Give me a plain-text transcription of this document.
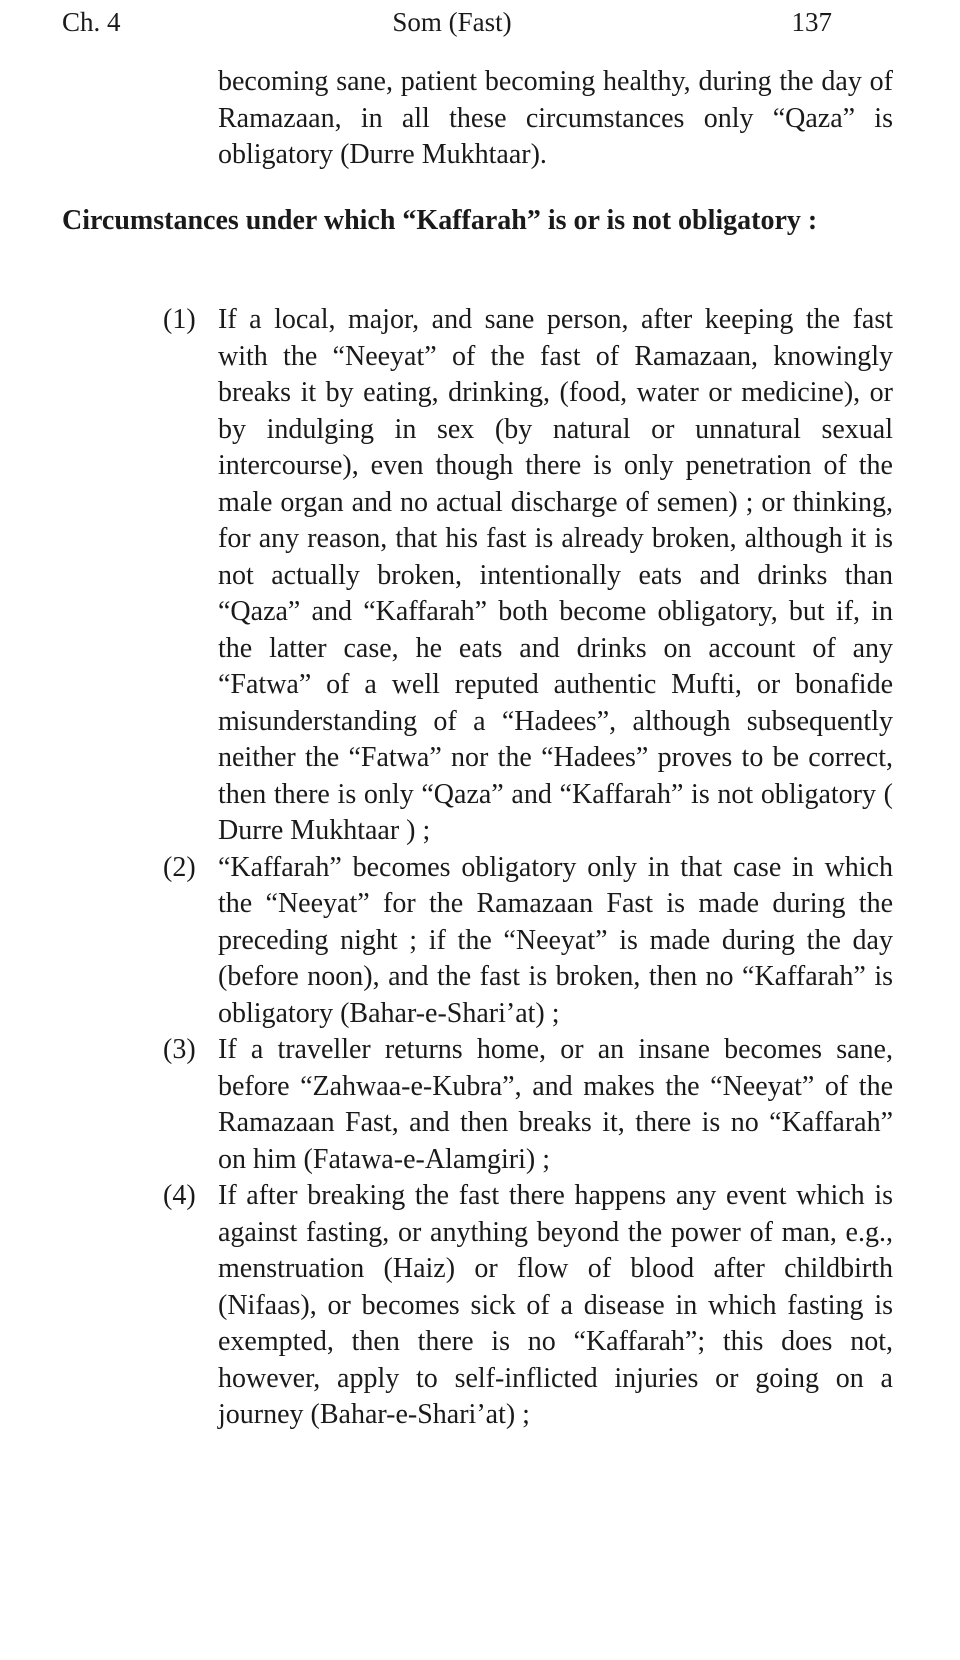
Ch. 4	Som (Fast)	137

becoming sane, patient becoming healthy, during the day of Ramazaan, in all these circumstances only “Qaza” is obligatory (Durre Mukhtaar).

Circumstances under which “Kaffarah” is or is not obligatory :
(1) If a local, major, and sane person, after keeping the fast with the “Neeyat” of the fast of Ramazaan, knowingly breaks it by eating, drinking, (food, water or medicine), or by indulging in sex (by natural or unnatural sexual intercourse), even though there is only penetration of the male organ and no actual discharge of semen) ; or thinking, for any reason, that his fast is already broken, although it is not actually broken, intentionally eats and drinks than “Qaza” and “Kaffarah” both become obligatory, but if, in the latter case, he eats and drinks on account of any “Fatwa” of a well reputed authentic Mufti, or bonafide misunderstanding of a “Hadees”, although subsequently neither the “Fatwa” nor the “Hadees” proves to be correct, then there is only “Qaza” and “Kaffarah” is not obligatory ( Durre Mukhtaar ) ;
(2) “Kaffarah” becomes obligatory only in that case in which the “Neeyat” for the Ramazaan Fast is made during the preceding night ; if the “Neeyat” is made during the day (before noon), and the fast is broken, then no “Kaffarah” is obligatory (Bahar-e-Shari’at) ;
(3) If a traveller returns home, or an insane becomes sane, before “Zahwaa-e-Kubra”, and makes the “Neeyat” of the Ramazaan Fast, and then breaks it, there is no “Kaffarah” on him (Fatawa-e-Alamgiri) ;
(4) If after breaking the fast there happens any event which is against fasting, or anything beyond the power of man, e.g., menstruation (Haiz) or flow of blood after childbirth (Nifaas), or becomes sick of a disease in which fasting is exempted, then there is no “Kaffarah”; this does not, however, apply to self-inflicted injuries or going on a journey (Bahar-e-Shari’at) ;
